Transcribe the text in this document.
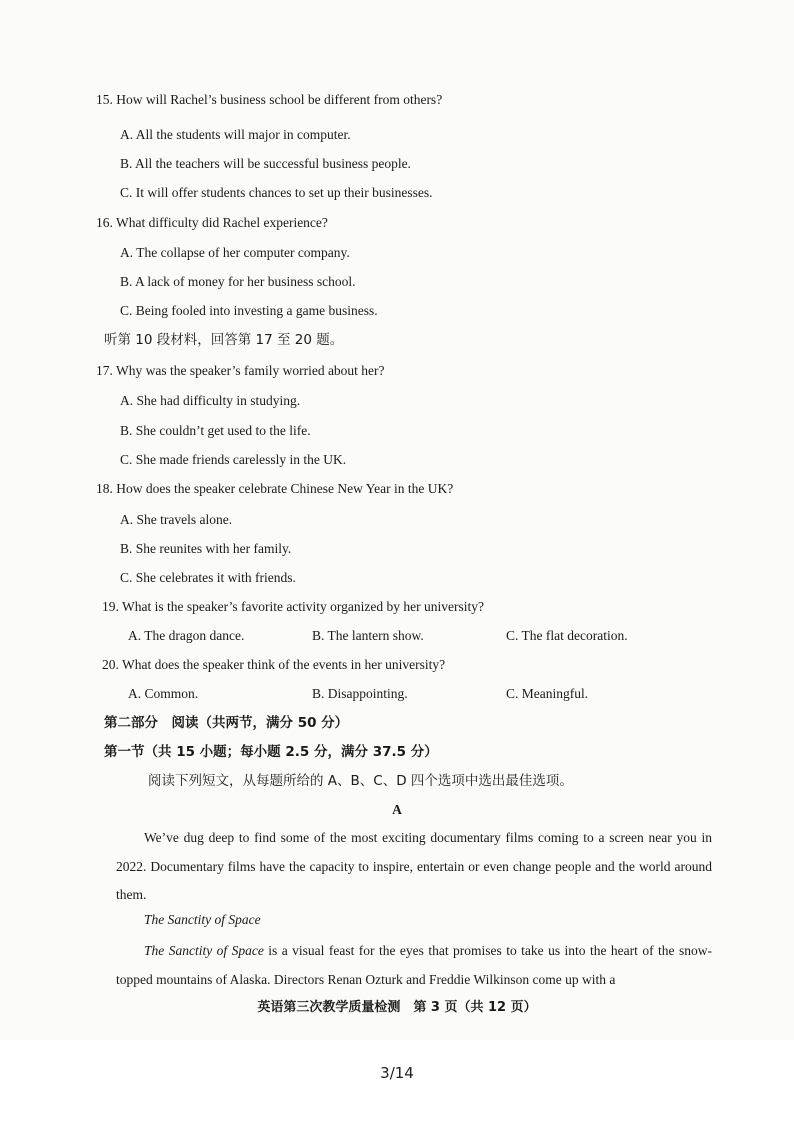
15. How will Rachel’s business school be different from others?
A. All the students will major in computer.
B. All the teachers will be successful business people.
C. It will offer students chances to set up their businesses.
16. What difficulty did Rachel experience?
A. The collapse of her computer company.
B. A lack of money for her business school.
C. Being fooled into investing a game business.
听第 10 段材料，回答第 17 至 20 题。
17. Why was the speaker’s family worried about her?
A. She had difficulty in studying.
B. She couldn’t get used to the life.
C. She made friends carelessly in the UK.
18. How does the speaker celebrate Chinese New Year in the UK?
A. She travels alone.
B. She reunites with her family.
C. She celebrates it with friends.
19. What is the speaker’s favorite activity organized by her university?
A. The dragon dance.	B. The lantern show.	C. The flat decoration.
20. What does the speaker think of the events in her university?
A. Common.	B. Disappointing.	C. Meaningful.
第二部分　阅读（共两节，满分 50 分）
第一节（共 15 小题；每小题 2.5 分，满分 37.5 分）
阅读下列短文，从每题所给的 A、B、C、D 四个选项中选出最佳选项。
A
We’ve dug deep to find some of the most exciting documentary films coming to a screen near you in 2022. Documentary films have the capacity to inspire, entertain or even change people and the world around them.
The Sanctity of Space
The Sanctity of Space is a visual feast for the eyes that promises to take us into the heart of the snow-topped mountains of Alaska. Directors Renan Ozturk and Freddie Wilkinson come up with a
英语第三次教学质量检测　第 3 页（共 12 页）
3/14
